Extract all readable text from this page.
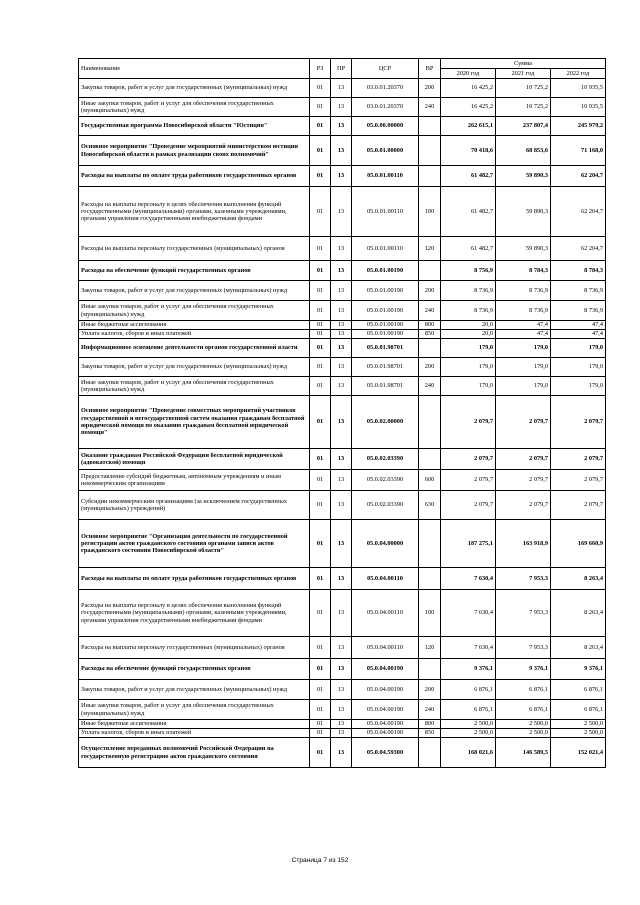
Наименование	РЗ	ПР	ЦСР	ВР	Сумма		
					2020 год	2021 год	2022 год
Закупка товаров, работ и услуг для государственных (муниципальных) нужд	01	13	03.0.01.20370	200	16 425,2	10 725,2	10 935,5
Иные закупки товаров, работ и услуг для обеспечения государственных (муниципальных) нужд	01	13	03.0.01.20370	240	16 425,2	10 725,2	10 935,5
Государственная программа Новосибирской области "Юстиция"	01	13	05.0.00.00000		262 615,1	237 807,4	245 979,2
Основное мероприятие "Проведение мероприятий министерством юстиции Новосибирской области в рамках реализации своих полномочий"	01	13	05.0.01.00000		70 418,6	68 853,6	71 168,0
Расходы на выплаты по оплате труда работников государственных органов	01	13	05.0.01.00110		61 482,7	59 890,3	62 204,7
Расходы на выплаты персоналу в целях обеспечения выполнения функций государственными (муниципальными) органами, казенными учреждениями, органами управления государственными внебюджетными фондами	01	13	05.0.01.00110	100	61 482,7	59 890,3	62 204,7
Расходы на выплаты персоналу государственных (муниципальных) органов	01	13	05.0.01.00110	120	61 482,7	59 890,3	62 204,7
Расходы на обеспечение функций государственных органов	01	13	05.0.01.00190		8 756,9	8 784,3	8 784,3
Закупка товаров, работ и услуг для государственных (муниципальных) нужд	01	13	05.0.01.00190	200	8 736,9	8 736,9	8 736,9
Иные закупки товаров, работ и услуг для обеспечения государственных (муниципальных) нужд	01	13	05.0.01.00190	240	8 736,9	8 736,9	8 736,9
Иные бюджетные ассигнования	01	13	05.0.01.00190	800	20,0	47,4	47,4
Уплата налогов, сборов и иных платежей	01	13	05.0.01.00190	850	20,0	47,4	47,4
Информационное освещение деятельности органов государственной власти	01	13	05.0.01.98701		179,0	179,0	179,0
Закупка товаров, работ и услуг для государственных (муниципальных) нужд	01	13	05.0.01.98701	200	179,0	179,0	179,0
Иные закупки товаров, работ и услуг для обеспечения государственных (муниципальных) нужд	01	13	05.0.01.98701	240	179,0	179,0	179,0
Основное мероприятие "Проведение совместных мероприятий участников государственной и негосударственной систем оказания гражданам бесплатной юридической помощи по оказанию гражданам бесплатной юридической помощи"	01	13	05.0.02.00000		2 079,7	2 079,7	2 079,7
Оказание гражданам Российской Федерации бесплатной юридической (адвокатской) помощи	01	13	05.0.02.03390		2 079,7	2 079,7	2 079,7
Предоставление субсидий бюджетным, автономным учреждениям и иным некоммерческим организациям	01	13	05.0.02.03390	600	2 079,7	2 079,7	2 079,7
Субсидии некоммерческим организациям (за исключением государственных (муниципальных) учреждений)	01	13	05.0.02.03390	630	2 079,7	2 079,7	2 079,7
Основное мероприятие "Организация деятельности по государственной регистрации актов гражданского состояния органами записи актов гражданского состояния Новосибирской области"	01	13	05.0.04.00000		187 275,1	163 918,9	169 660,9
Расходы на выплаты по оплате труда работников государственных органов	01	13	05.0.04.00110		7 630,4	7 953,3	8 263,4
Расходы на выплаты персоналу в целях обеспечения выполнения функций государственными (муниципальными) органами, казенными учреждениями, органами управления государственными внебюджетными фондами	01	13	05.0.04.00110	100	7 630,4	7 953,3	8 263,4
Расходы на выплаты персоналу государственных (муниципальных) органов	01	13	05.0.04.00110	120	7 630,4	7 953,3	8 263,4
Расходы на обеспечение функций государственных органов	01	13	05.0.04.00190		9 376,1	9 376,1	9 376,1
Закупка товаров, работ и услуг для государственных (муниципальных) нужд	01	13	05.0.04.00190	200	6 876,1	6 876,1	6 876,1
Иные закупки товаров, работ и услуг для обеспечения государственных (муниципальных) нужд	01	13	05.0.04.00190	240	6 876,1	6 876,1	6 876,1
Иные бюджетные ассигнования	01	13	05.0.04.00190	800	2 500,0	2 500,0	2 500,0
Уплата налогов, сборов и иных платежей	01	13	05.0.04.00190	850	2 500,0	2 500,0	2 500,0
Осуществление переданных полномочий Российской Федерации на государственную регистрацию актов гражданского состояния	01	13	05.0.04.59300		168 021,6	146 589,5	152 021,4
Страница 7 из 152
